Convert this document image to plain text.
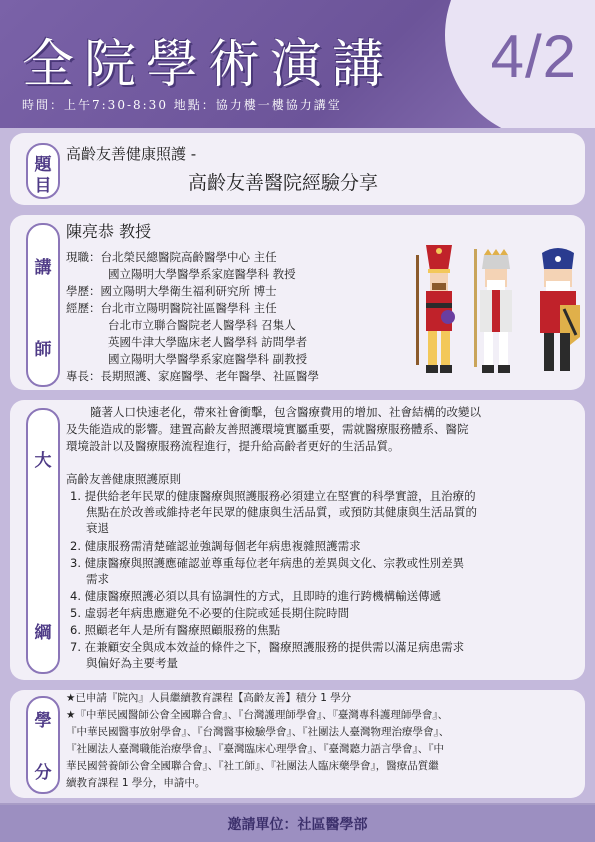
4/2
全院學術演講
時間：上午7:30-8:30 地點：協力樓一樓協力講堂
題
目
高齡友善健康照護 -
高齡友善醫院經驗分享
講
師
陳亮恭 教授
現職：台北榮民總醫院高齡醫學中心 主任
國立陽明大學醫學系家庭醫學科 教授
學歷：國立陽明大學衛生福利研究所 博士
經歷：台北市立陽明醫院社區醫學科 主任
台北市立聯合醫院老人醫學科 召集人
英國牛津大學臨床老人醫學科 訪問學者
國立陽明大學醫學系家庭醫學科 副教授
專長：長期照護、家庭醫學、老年醫學、社區醫學
大
綱
隨著人口快速老化，帶來社會衝擊，包含醫療費用的增加、社會結構的改變以
及失能造成的影響。建置高齡友善照護環境實屬重要，需就醫療服務體系、醫院
環境設計以及醫療服務流程進行，提升給高齡者更好的生活品質。
高齡友善健康照護原則
1. 提供給老年民眾的健康醫療與照護服務必須建立在堅實的科學實證，且治療的
焦點在於改善或維持老年民眾的健康與生活品質，或預防其健康與生活品質的
衰退
2. 健康服務需清楚確認並強調每個老年病患複雜照護需求
3. 健康醫療與照護應確認並尊重每位老年病患的差異與文化、宗教或性別差異
需求
4. 健康醫療照護必須以具有協調性的方式，且即時的進行跨機構輸送傳遞
5. 虛弱老年病患應避免不必要的住院或延長期住院時間
6. 照顧老年人是所有醫療照顧服務的焦點
7. 在兼顧安全與成本效益的條件之下，醫療照護服務的提供需以滿足病患需求
與偏好為主要考量
學
分
★已申請『院內』人員繼續教育課程【高齡友善】積分 1 學分
★『中華民國醫師公會全國聯合會』、『台灣護理師學會』、『臺灣專科護理師學會』、
『中華民國醫事放射學會』、『台灣醫事檢驗學會』、『社團法人臺灣物理治療學會』、
『社團法人臺灣職能治療學會』、『臺灣臨床心理學會』、『臺灣聽力語言學會』、『中
華民國營養師公會全國聯合會』、『社工師』、『社團法人臨床藥學會』，醫療品質繼
續教育課程 1 學分，申請中。
邀請單位：社區醫學部
